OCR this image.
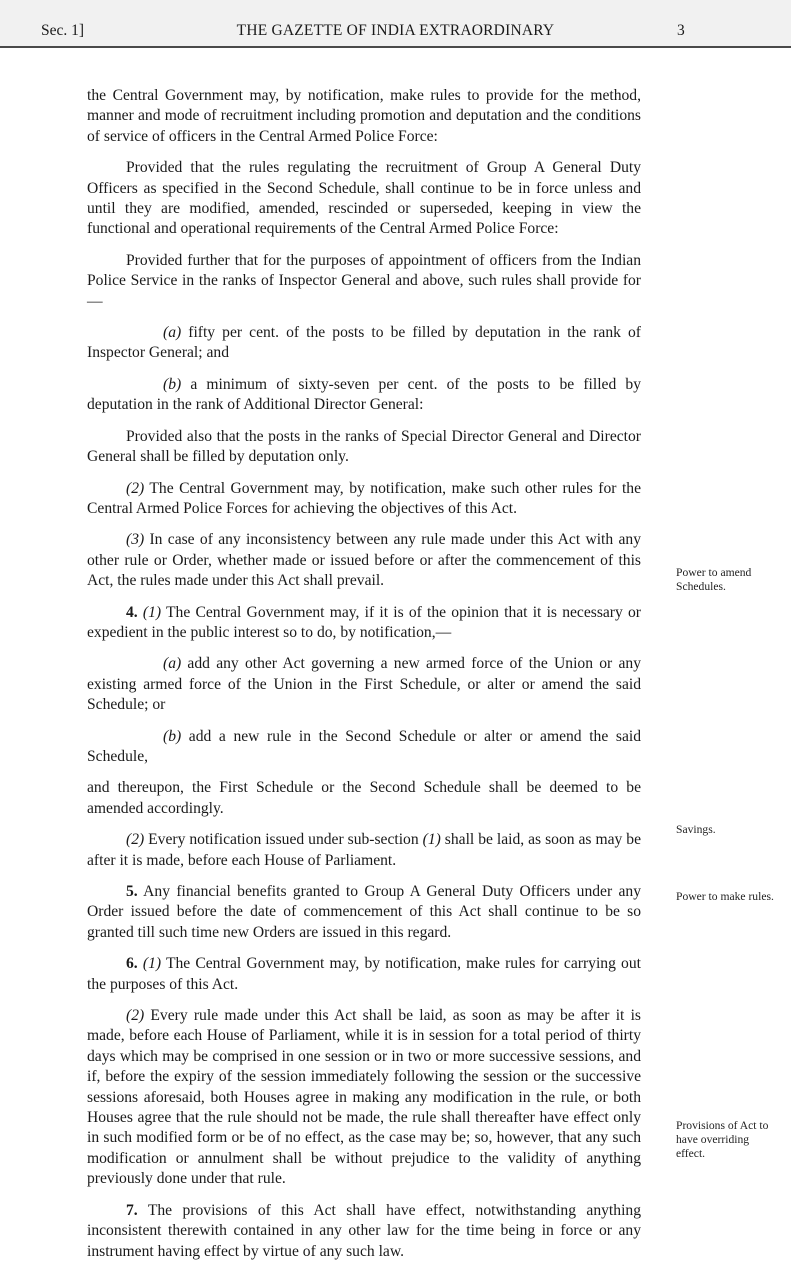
Sec. 1]	THE GAZETTE OF INDIA EXTRAORDINARY	3

the Central Government may, by notification, make rules to provide for the method, manner and mode of recruitment including promotion and deputation and the conditions of service of officers in the Central Armed Police Force:

Provided that the rules regulating the recruitment of Group A General Duty Officers as specified in the Second Schedule, shall continue to be in force unless and until they are modified, amended, rescinded or superseded, keeping in view the functional and operational requirements of the Central Armed Police Force:

Provided further that for the purposes of appointment of officers from the Indian Police Service in the ranks of Inspector General and above, such rules shall provide for—

(a) fifty per cent. of the posts to be filled by deputation in the rank of Inspector General; and

(b) a minimum of sixty-seven per cent. of the posts to be filled by deputation in the rank of Additional Director General:

Provided also that the posts in the ranks of Special Director General and Director General shall be filled by deputation only.

(2) The Central Government may, by notification, make such other rules for the Central Armed Police Forces for achieving the objectives of this Act.

(3) In case of any inconsistency between any rule made under this Act with any other rule or Order, whether made or issued before or after the commencement of this Act, the rules made under this Act shall prevail.

4. (1) The Central Government may, if it is of the opinion that it is necessary or expedient in the public interest so to do, by notification,—

(a) add any other Act governing a new armed force of the Union or any existing armed force of the Union in the First Schedule, or alter or amend the said Schedule; or

(b) add a new rule in the Second Schedule or alter or amend the said Schedule,

and thereupon, the First Schedule or the Second Schedule shall be deemed to be amended accordingly.

(2) Every notification issued under sub-section (1) shall be laid, as soon as may be after it is made, before each House of Parliament.

5. Any financial benefits granted to Group A General Duty Officers under any Order issued before the date of commencement of this Act shall continue to be so granted till such time new Orders are issued in this regard.

6. (1) The Central Government may, by notification, make rules for carrying out the purposes of this Act.

(2) Every rule made under this Act shall be laid, as soon as may be after it is made, before each House of Parliament, while it is in session for a total period of thirty days which may be comprised in one session or in two or more successive sessions, and if, before the expiry of the session immediately following the session or the successive sessions aforesaid, both Houses agree in making any modification in the rule, or both Houses agree that the rule should not be made, the rule shall thereafter have effect only in such modified form or be of no effect, as the case may be; so, however, that any such modification or annulment shall be without prejudice to the validity of anything previously done under that rule.

7. The provisions of this Act shall have effect, notwithstanding anything inconsistent therewith contained in any other law for the time being in force or any instrument having effect by virtue of any such law.

Power to amend Schedules.
Savings.
Power to make rules.
Provisions of Act to have overriding effect.
